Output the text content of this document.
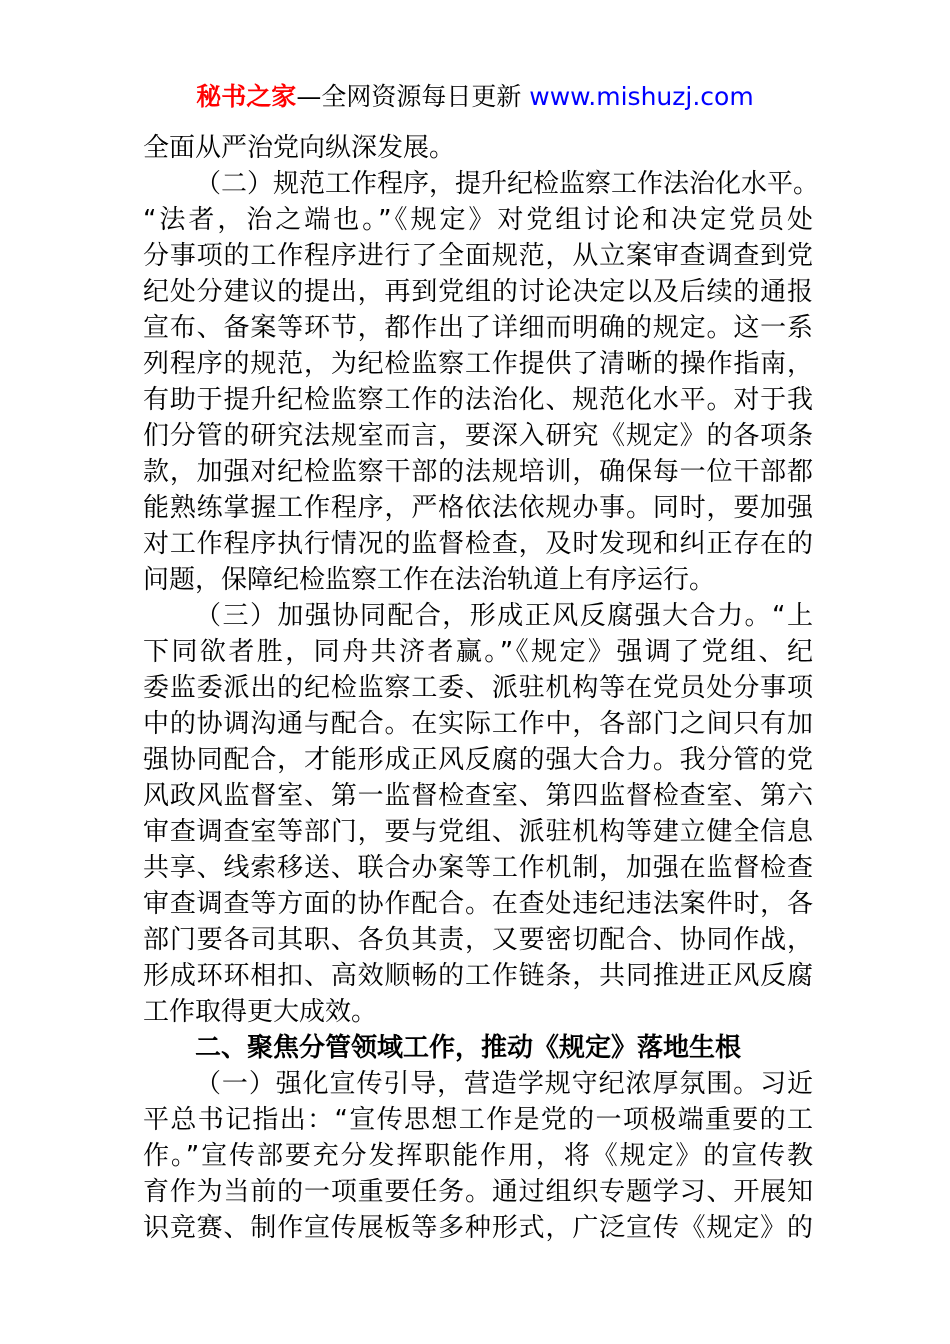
秘书之家—全网资源每日更新 www.mishuzj.com
全面从严治党向纵深发展。
（二）规范工作程序，提升纪检监察工作法治化水平。
“法者，治之端也。”《规定》对党组讨论和决定党员处
分事项的工作程序进行了全面规范，从立案审查调查到党
纪处分建议的提出，再到党组的讨论决定以及后续的通报
宣布、备案等环节，都作出了详细而明确的规定。这一系
列程序的规范，为纪检监察工作提供了清晰的操作指南，
有助于提升纪检监察工作的法治化、规范化水平。对于我
们分管的研究法规室而言，要深入研究《规定》的各项条
款，加强对纪检监察干部的法规培训，确保每一位干部都
能熟练掌握工作程序，严格依法依规办事。同时，要加强
对工作程序执行情况的监督检查，及时发现和纠正存在的
问题，保障纪检监察工作在法治轨道上有序运行。
（三）加强协同配合，形成正风反腐强大合力。“上
下同欲者胜，同舟共济者赢。”《规定》强调了党组、纪
委监委派出的纪检监察工委、派驻机构等在党员处分事项
中的协调沟通与配合。在实际工作中，各部门之间只有加
强协同配合，才能形成正风反腐的强大合力。我分管的党
风政风监督室、第一监督检查室、第四监督检查室、第六
审查调查室等部门，要与党组、派驻机构等建立健全信息
共享、线索移送、联合办案等工作机制，加强在监督检查
审查调查等方面的协作配合。在查处违纪违法案件时，各
部门要各司其职、各负其责，又要密切配合、协同作战，
形成环环相扣、高效顺畅的工作链条，共同推进正风反腐
工作取得更大成效。
二、聚焦分管领域工作，推动《规定》落地生根
（一）强化宣传引导，营造学规守纪浓厚氛围。习近
平总书记指出：“宣传思想工作是党的一项极端重要的工
作。”宣传部要充分发挥职能作用，将《规定》的宣传教
育作为当前的一项重要任务。通过组织专题学习、开展知
识竞赛、制作宣传展板等多种形式，广泛宣传《规定》的
